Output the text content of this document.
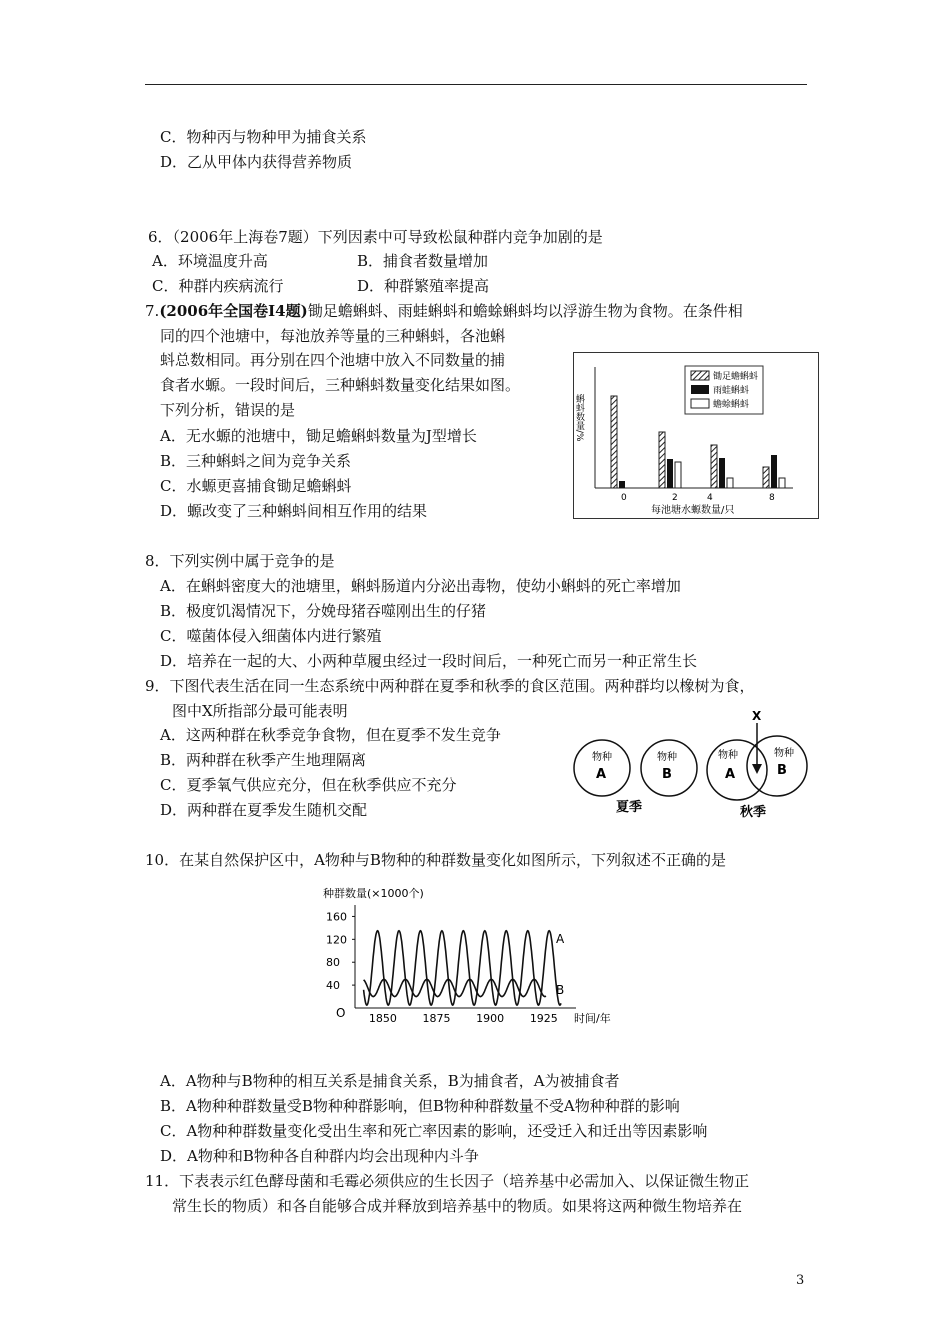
C．物种丙与物种甲为捕食关系
D．乙从甲体内获得营养物质
6．（2006年上海卷7题）下列因素中可导致松鼠种群内竞争加剧的是
A．环境温度升高	B．捕食者数量增加
C．种群内疾病流行	D．种群繁殖率提高
7.(2006年全国卷Ⅰ4题)锄足蟾蝌蚪、雨蛙蝌蚪和蟾蜍蝌蚪均以浮游生物为食物。在条件相
同的四个池塘中，每池放养等量的三种蝌蚪，各池蝌
蚪总数相同。再分别在四个池塘中放入不同数量的捕
食者水螈。一段时间后，三种蝌蚪数量变化结果如图。
下列分析，错误的是
A．无水螈的池塘中，锄足蟾蝌蚪数量为J型增长
B．三种蝌蚪之间为竞争关系
C．水螈更喜捕食锄足蟾蝌蚪
D．螈改变了三种蝌蚪间相互作用的结果
蝌蚪数量/%
锄足蟾蝌蚪
雨蛙蝌蚪
蟾蜍蝌蚪
0	2	4	8
每池塘水螈数量/只
8．下列实例中属于竞争的是
A．在蝌蚪密度大的池塘里，蝌蚪肠道内分泌出毒物，使幼小蝌蚪的死亡率增加
B．极度饥渴情况下，分娩母猪吞噬刚出生的仔猪
C．噬菌体侵入细菌体内进行繁殖
D．培养在一起的大、小两种草履虫经过一段时间后，一种死亡而另一种正常生长
9．下图代表生活在同一生态系统中两种群在夏季和秋季的食区范围。两种群均以橡树为食，
图中X所指部分最可能表明
A．这两种群在秋季竞争食物，但在夏季不发生竞争
B．两种群在秋季产生地理隔离
C．夏季氧气供应充分，但在秋季供应不充分
D．两种群在夏季发生随机交配
物种
A
物种
B
夏季
物种
A
物种
B
X
秋季
10．在某自然保护区中，A物种与B物种的种群数量变化如图所示，下列叙述不正确的是
种群数量(×1000个)
O	时间/年
40
80
120
160
1850 1875 1900 1925
A
B
A．A物种与B物种的相互关系是捕食关系，B为捕食者，A为被捕食者
B．A物种种群数量受B物种种群影响，但B物种种群数量不受A物种种群的影响
C．A物种种群数量变化受出生率和死亡率因素的影响，还受迁入和迁出等因素影响
D．A物种和B物种各自种群内均会出现种内斗争
11．下表表示红色酵母菌和毛霉必须供应的生长因子（培养基中必需加入、以保证微生物正
常生长的物质）和各自能够合成并释放到培养基中的物质。如果将这两种微生物培养在
3
